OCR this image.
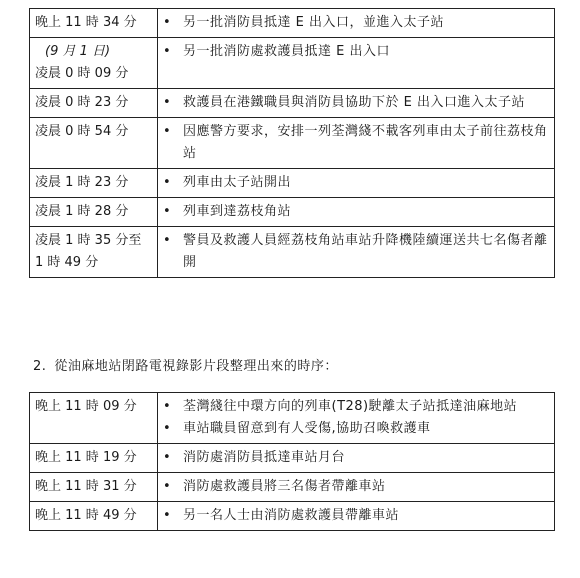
晚上 11 時 34 分	• 另一批消防員抵達 E 出入口，並進入太子站

(9 月 1 日)
凌晨 0 時 09 分	• 另一批消防處救護員抵達 E 出入口

凌晨 0 時 23 分	• 救護員在港鐵職員與消防員協助下於 E 出入口進入太子站

凌晨 0 時 54 分	• 因應警方要求，安排一列荃灣綫不載客列車由太子前往荔枝角站

凌晨 1 時 23 分	• 列車由太子站開出

凌晨 1 時 28 分	• 列車到達荔枝角站

凌晨 1 時 35 分至 1 時 49 分	• 警員及救護人員經荔枝角站車站升降機陸續運送共七名傷者離開
2. 從油麻地站閉路電視錄影片段整理出來的時序：
晚上 11 時 09 分	• 荃灣綫往中環方向的列車(T28)駛離太子站抵達油麻地站
• 車站職員留意到有人受傷,協助召喚救護車

晚上 11 時 19 分	• 消防處消防員抵達車站月台

晚上 11 時 31 分	• 消防處救護員將三名傷者帶離車站

晚上 11 時 49 分	• 另一名人士由消防處救護員帶離車站
